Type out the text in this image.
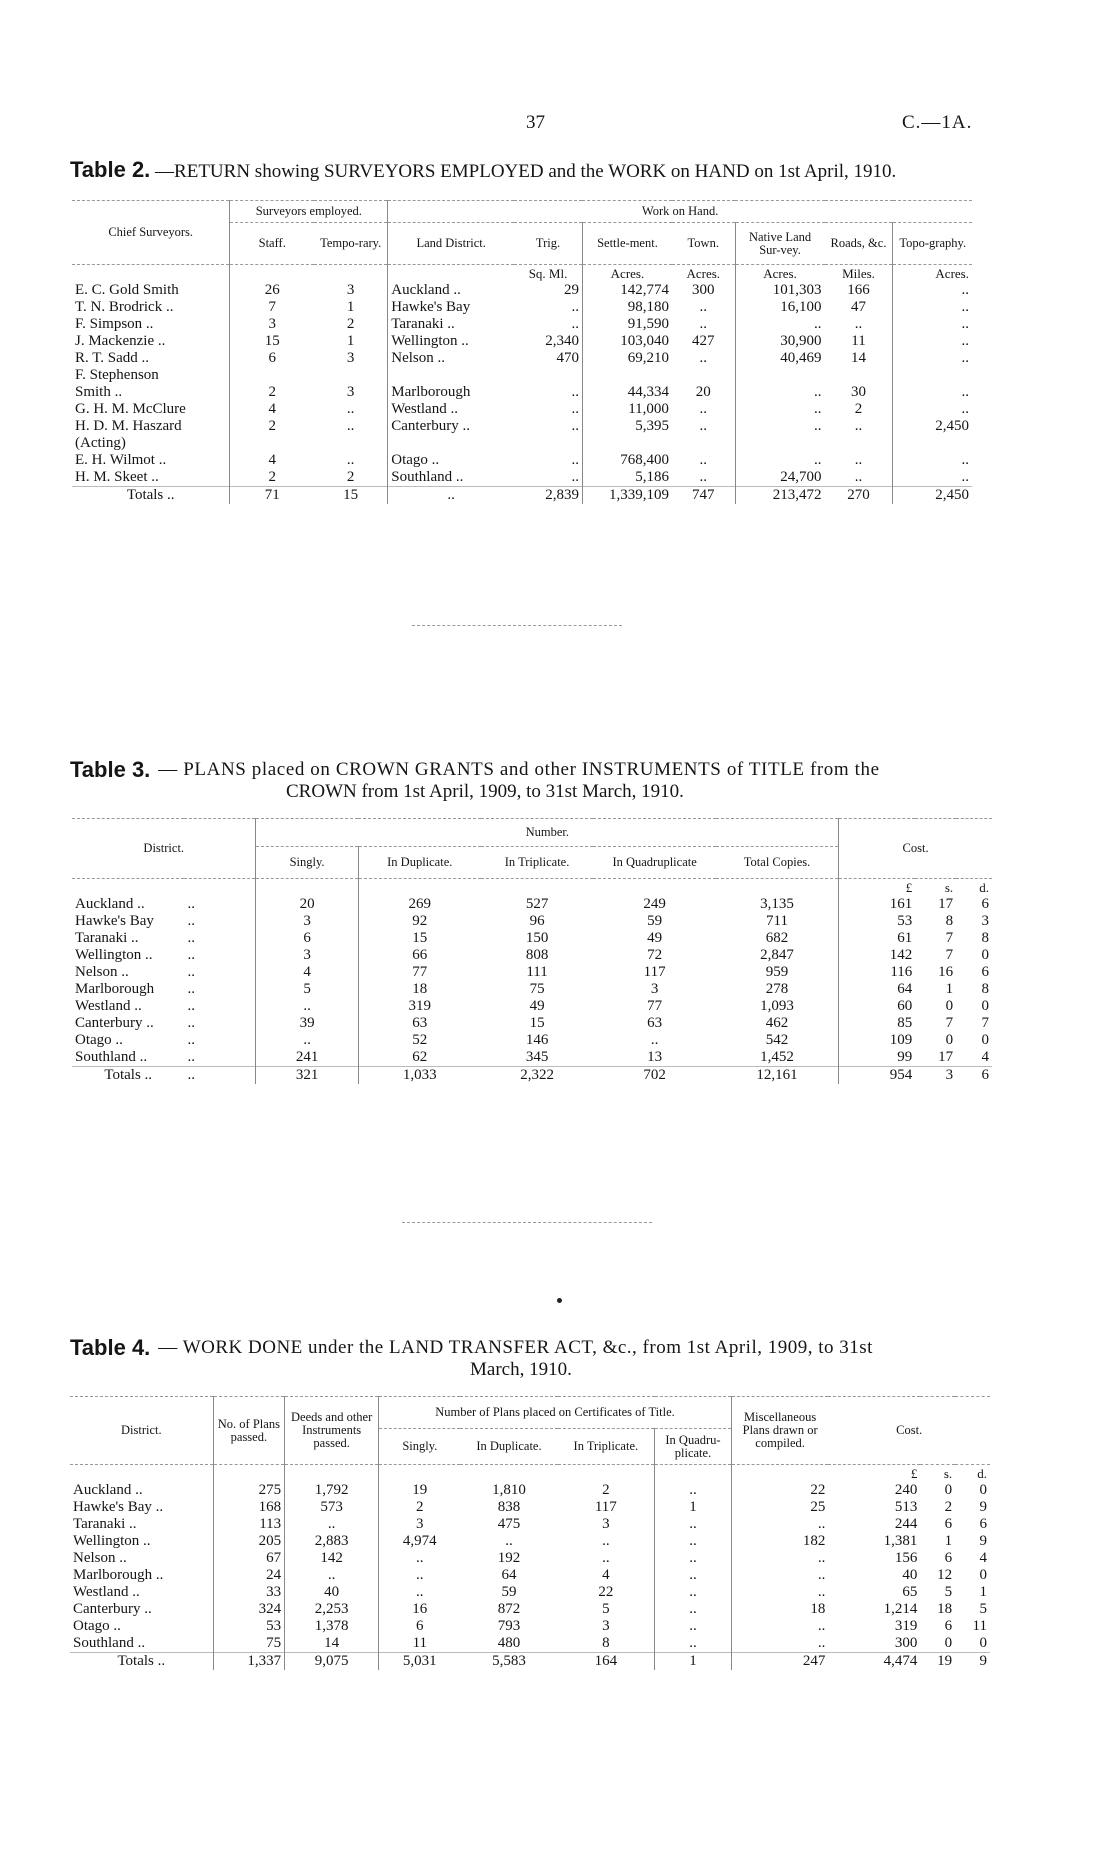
37	C.—1A.
Table 2. —RETURN showing SURVEYORS EMPLOYED and the WORK on HAND on 1st April, 1910.
Chief Surveyors.	Surveyors employed.		Work on Hand.						
	Staff.	Tempo-rary.	Land District.	Trig.	Settle-ment.	Town.	Native Land Sur-vey.	Roads, &c.	Topo-graphy.
				Sq. Ml.	Acres.	Acres.	Acres.	Miles.	Acres.
E. C. Gold Smith	26	3	Auckland ..	29	142,774	300	101,303	166	..
T. N. Brodrick ..	7	1	Hawke's Bay	..	98,180	..	16,100	47	..
F. Simpson ..	3	2	Taranaki ..	..	91,590	..	..	..	..
J. Mackenzie ..	15	1	Wellington ..	2,340	103,040	427	30,900	11	..
R. T. Sadd ..	6	3	Nelson ..	470	69,210	..	40,469	14	..
F. Stephenson									
Smith ..	2	3	Marlborough	..	44,334	20	..	30	..
G. H. M. McClure	4	..	Westland ..	..	11,000	..	..	2	..
H. D. M. Haszard	2	..	Canterbury ..	..	5,395	..	..	..	2,450
(Acting)									
E. H. Wilmot ..	4	..	Otago ..	..	768,400	..	..	..	..
H. M. Skeet ..	2	2	Southland ..	..	5,186	..	24,700	..	..
Totals ..	71	15	..	2,839	1,339,109	747	213,472	270	2,450
Table 3. — PLANS placed on CROWN GRANTS and other INSTRUMENTS of TITLE from the
CROWN from 1st April, 1909, to 31st March, 1910.
District.		Number.					Cost.		
		Singly.	In Duplicate.	In Triplicate.	In Quadruplicate	Total Copies.			
							£	s.	d.
Auckland ..	..	20	269	527	249	3,135	161	17	6
Hawke's Bay	..	3	92	96	59	711	53	8	3
Taranaki ..	..	6	15	150	49	682	61	7	8
Wellington ..	..	3	66	808	72	2,847	142	7	0
Nelson ..	..	4	77	111	117	959	116	16	6
Marlborough	..	5	18	75	3	278	64	1	8
Westland ..	..	..	319	49	77	1,093	60	0	0
Canterbury ..	..	39	63	15	63	462	85	7	7
Otago ..	..	..	52	146	..	542	109	0	0
Southland ..	..	241	62	345	13	1,452	99	17	4
Totals ..	..	321	1,033	2,322	702	12,161	954	3	6
Table 4. — WORK DONE under the LAND TRANSFER ACT, &c., from 1st April, 1909, to 31st
March, 1910.
District.	No. of Plans passed.	Deeds and other Instruments passed.	Number of Plans placed on Certificates of Title.				Miscellaneous Plans drawn or compiled.	Cost.		
			Singly.	In Duplicate.	In Triplicate.	In Quadru-plicate.				
								£	s.	d.
Auckland ..	275	1,792	19	1,810	2	..	22	240	0	0
Hawke's Bay ..	168	573	2	838	117	1	25	513	2	9
Taranaki ..	113	..	3	475	3	..	..	244	6	6
Wellington ..	205	2,883	4,974	..	..	..	182	1,381	1	9
Nelson ..	67	142	..	192	..	..	..	156	6	4
Marlborough ..	24	..	..	64	4	..	..	40	12	0
Westland ..	33	40	..	59	22	..	..	65	5	1
Canterbury ..	324	2,253	16	872	5	..	18	1,214	18	5
Otago ..	53	1,378	6	793	3	..	..	319	6	11
Southland ..	75	14	11	480	8	..	..	300	0	0
Totals ..	1,337	9,075	5,031	5,583	164	1	247	4,474	19	9
